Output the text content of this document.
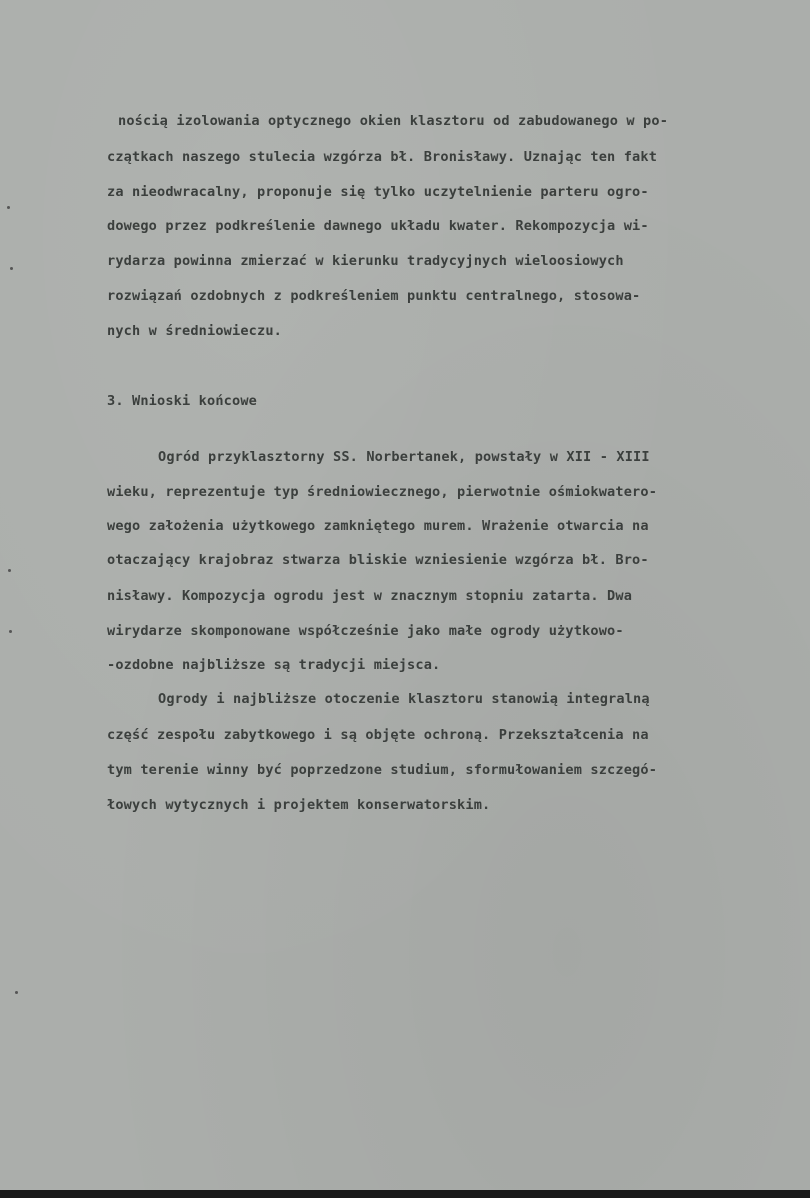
nością izolowania optycznego okien klasztoru od zabudowanego w po-
czątkach naszego stulecia wzgórza bł. Bronisławy. Uznając ten fakt
za nieodwracalny, proponuje się tylko uczytelnienie parteru ogro-
dowego przez podkreślenie dawnego układu kwater. Rekompozycja wi-
rydarza powinna zmierzać w kierunku tradycyjnych wieloosiowych
rozwiązań ozdobnych z podkreśleniem punktu centralnego, stosowa-
nych w średniowieczu.
3. Wnioski końcowe
Ogród przyklasztorny SS. Norbertanek, powstały w XII - XIII
wieku, reprezentuje typ średniowiecznego, pierwotnie ośmiokwatero-
wego założenia użytkowego zamkniętego murem. Wrażenie otwarcia na
otaczający krajobraz stwarza bliskie wzniesienie wzgórza bł. Bro-
nisławy. Kompozycja ogrodu jest w znacznym stopniu zatarta. Dwa
wirydarze skomponowane współcześnie jako małe ogrody użytkowo-
-ozdobne najbliższe są tradycji miejsca.
Ogrody i najbliższe otoczenie klasztoru stanowią integralną
część zespołu zabytkowego i są objęte ochroną. Przekształcenia na
tym terenie winny być poprzedzone studium, sformułowaniem szczegó-
łowych wytycznych i projektem konserwatorskim.
